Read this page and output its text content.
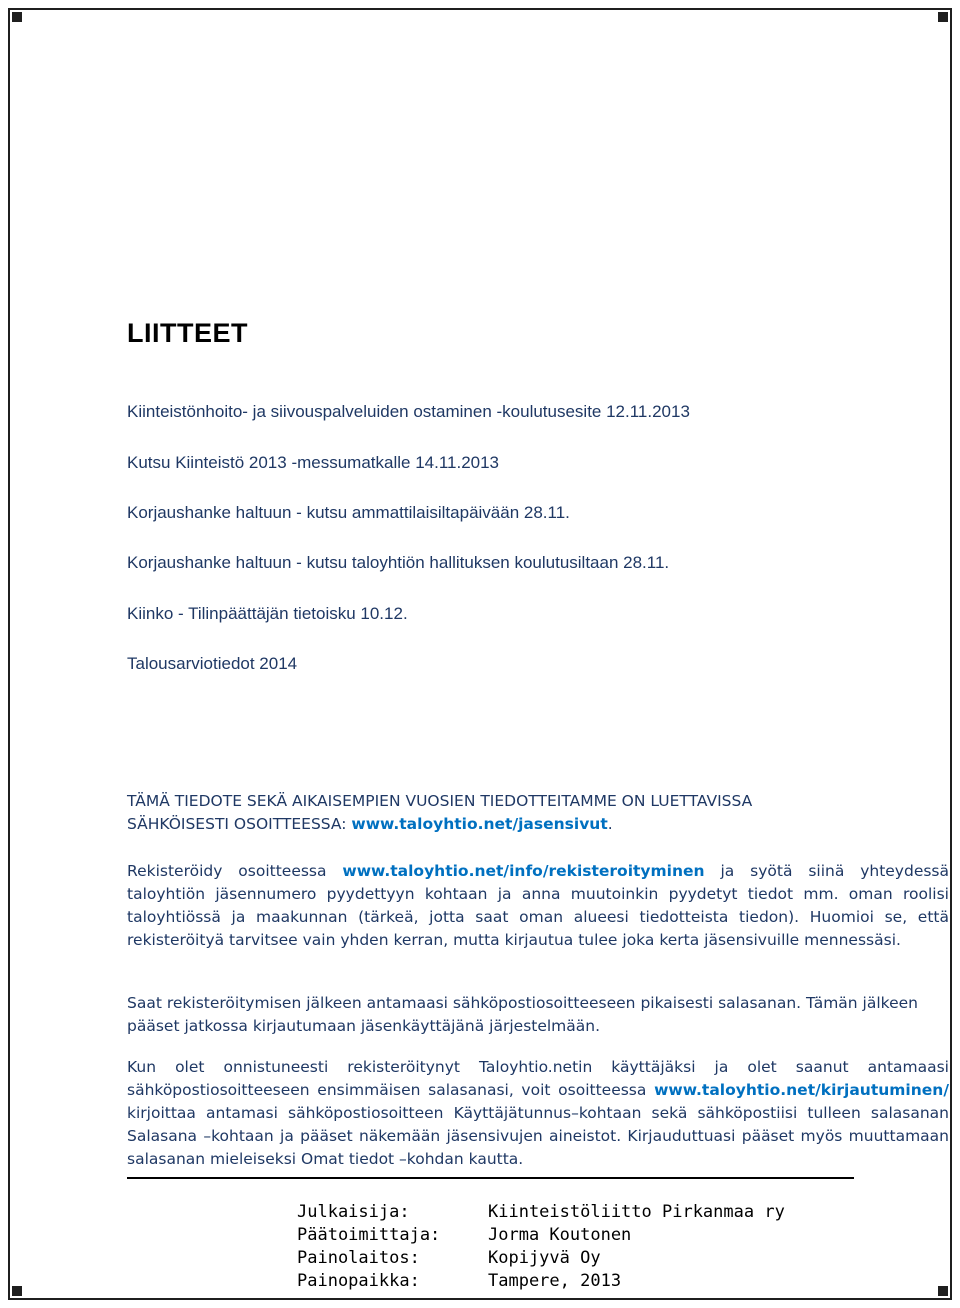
LIITTEET
Kiinteistönhoito- ja siivouspalveluiden ostaminen -koulutusesite 12.11.2013
Kutsu Kiinteistö 2013 -messumatkalle 14.11.2013
Korjaushanke haltuun - kutsu ammattilaisiltapäivään 28.11.
Korjaushanke haltuun - kutsu taloyhtiön hallituksen koulutusiltaan 28.11.
Kiinko - Tilinpäättäjän tietoisku 10.12.
Talousarviotiedot 2014

TÄMÄ TIEDOTE SEKÄ AIKAISEMPIEN VUOSIEN TIEDOTTEITAMME ON LUETTAVISSA
SÄHKÖISESTI OSOITTEESSA: www.taloyhtio.net/jasensivut.

Rekisteröidy osoitteessa www.taloyhtio.net/info/rekisteroityminen ja syötä siinä yhteydessä taloyhtiön jäsennumero pyydettyyn kohtaan ja anna muutoinkin pyydetyt tiedot mm. oman roolisi taloyhtiössä ja maakunnan (tärkeä, jotta saat oman alueesi tiedotteista tiedon). Huomioi se, että rekisteröityä tarvitsee vain yhden kerran, mutta kirjautua tulee joka kerta jäsensivuille mennessäsi.

Saat rekisteröitymisen jälkeen antamaasi sähköpostiosoitteeseen pikaisesti salasanan. Tämän jälkeen pääset jatkossa kirjautumaan jäsenkäyttäjänä järjestelmään.

Kun olet onnistuneesti rekisteröitynyt Taloyhtio.netin käyttäjäksi ja olet saanut antamaasi sähköpostiosoitteeseen ensimmäisen salasanasi, voit osoitteessa www.taloyhtio.net/kirjautuminen/ kirjoittaa antamasi sähköpostiosoitteen Käyttäjätunnus–kohtaan sekä sähköpostiisi tulleen salasanan Salasana –kohtaan ja pääset näkemään jäsensivujen aineistot. Kirjauduttuasi pääset myös muuttamaan salasanan mieleiseksi Omat tiedot –kohdan kautta.

Julkaisija:	Kiinteistöliitto Pirkanmaa ry
Päätoimittaja:	Jorma Koutonen
Painolaitos:	Kopijyvä Oy
Painopaikka:	Tampere, 2013
